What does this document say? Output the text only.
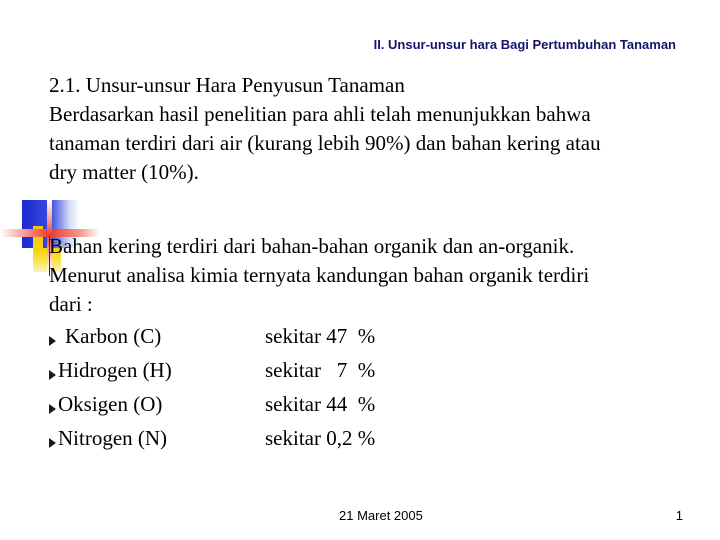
II. Unsur-unsur hara Bagi Pertumbuhan Tanaman
2.1. Unsur-unsur Hara Penyusun Tanaman
Berdasarkan hasil penelitian para ahli telah menunjukkan bahwa
tanaman terdiri dari air (kurang lebih 90%) dan bahan kering atau
dry matter (10%).
Bahan kering terdiri dari bahan-bahan organik dan an-organik.
Menurut analisa kimia ternyata kandungan bahan organik terdiri
dari :
Karbon (C)	sekitar 47  %
Hidrogen (H)	sekitar   7  %
Oksigen (O)	sekitar 44  %
Nitrogen (N)	sekitar 0,2 %
21 Maret 2005	1
